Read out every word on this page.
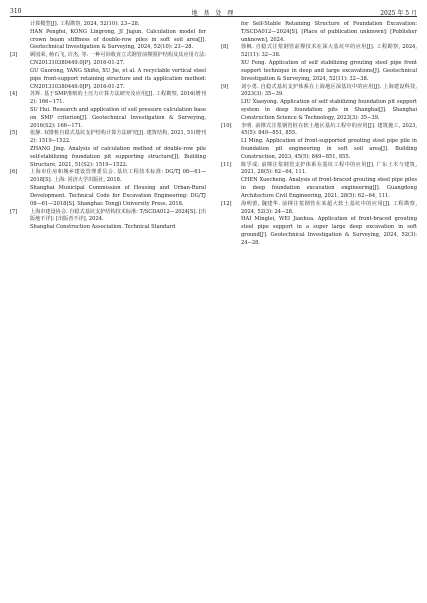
310	地 基 处 理	2025 年 5 月
计算模型[J]. 工程勘察, 2024, 52(10): 23−28.
HAN Pengfei, KONG Lingrong, JI Jiajun. Calculation model for crown beam stiffness of double-row piles in soft soil area[J]. Geotechnical Investigation & Surveying, 2024, 52(10): 23−28.
[3] 顾国荣, 杨石飞, 许杰, 等. 一种可回收直立式钢管前撑围护结构及其应用方法: CN201310380449.0[P]. 2016-01-27.
GU Guorong, YANG Shifei, XU Jie, et al. A recyclable vertical steel pipe front-support retaining structure and its application method: CN201310380449.0[P]. 2016-01-27.
[4] 苏辉. 基于SMP准则的土压力计算方法研究及应用[J]. 工程勘察, 2016(增刊2): 166−171.
SU Hui. Research and application of soil pressure calculation base on SMP criterion[J]. Geotechnical Investigation & Surveying, 2016(S2): 166−171.
[5] 张静. 双排桩自稳式基坑支护结构计算方法研究[J]. 建筑结构, 2021, 51(增刊2): 1519−1522.
ZHANG Jing. Analysis of calculation method of double-row pile self-stabilizing foundation pit supporting structure[J]. Building Structure, 2021, 51(S2): 1519−1522.
[6] 上海市住房和城乡建设管理委员会. 基坑工程技术标准: DG/TJ 08—61—2018[S]. 上海: 同济大学出版社, 2018.
Shanghai Municipal Commission of Housing and Urban-Rural Development. Technical Code for Excavation Engineering: DG/TJ 08—61—2018[S]. Shanghai: Tongji University Press, 2018.
[7] 上海市建设协会. 自稳式基坑支护结构技术标准: T/SCDA012—2024[S]. [出版地不详]: [出版者不详], 2024.
Shanghai Construction Association. Technical Standard
for Self-Stable Retaining Structure of Foundation Excavation: T/SCDA012—2024[S]. [Place of publication unknown]: [Publisher unknown], 2024.
[8] 徐枫. 自稳式注浆钢管前撑技术在深大基坑中的应用[J]. 工程勘察, 2024, 52(11): 32−38.
XU Feng. Application of self stabilizing grouting steel pipe front support technique in deep and large excavations[J]. Geotechnical Investigation & Surveying, 2024, 52(11): 32−38.
[9] 刘小勇. 自稳式基坑支护体系在上海地区深基坑中的应用[J]. 上海建设科技, 2023(3): 35−39.
LIU Xiaoyong. Application of self stabilizing foundation pit support system in deep foundation pits in Shanghai[J]. Shanghai Construction Science & Technology, 2023(3): 35−39.
[10] 李明. 前撑式注浆钢管桩在软土地区基坑工程中的应用[J]. 建筑施工, 2023, 45(5): 849−851, 855.
LI Ming. Application of front-supported grouting steel pipe pile in foundation pit engineering in soft soil area[J]. Building Construction, 2023, 45(5): 849−851, 855.
[11] 陈学成. 前撑注浆钢管支护体系在基坑工程中的应用[J]. 广东土木与建筑, 2021, 28(5): 62−64, 111.
CHEN Xuecheng. Analysis of front-braced grouting steel pipe piles in deep foundation excavation engineering[J]. Guangdong Architecture Civil Engineering, 2021, 28(5): 62−64, 111.
[12] 海明蕾, 魏建华. 前撑注浆钢管在某超大软土基坑中的应用[J]. 工程勘察, 2024, 52(3): 24−28.
HAI Minglei, WEI Jianhua. Application of front-braced grouting steel pipe support in a super large deep excavation in soft ground[J]. Geotechnical Investigation & Surveying, 2024, 52(3): 24−28.
